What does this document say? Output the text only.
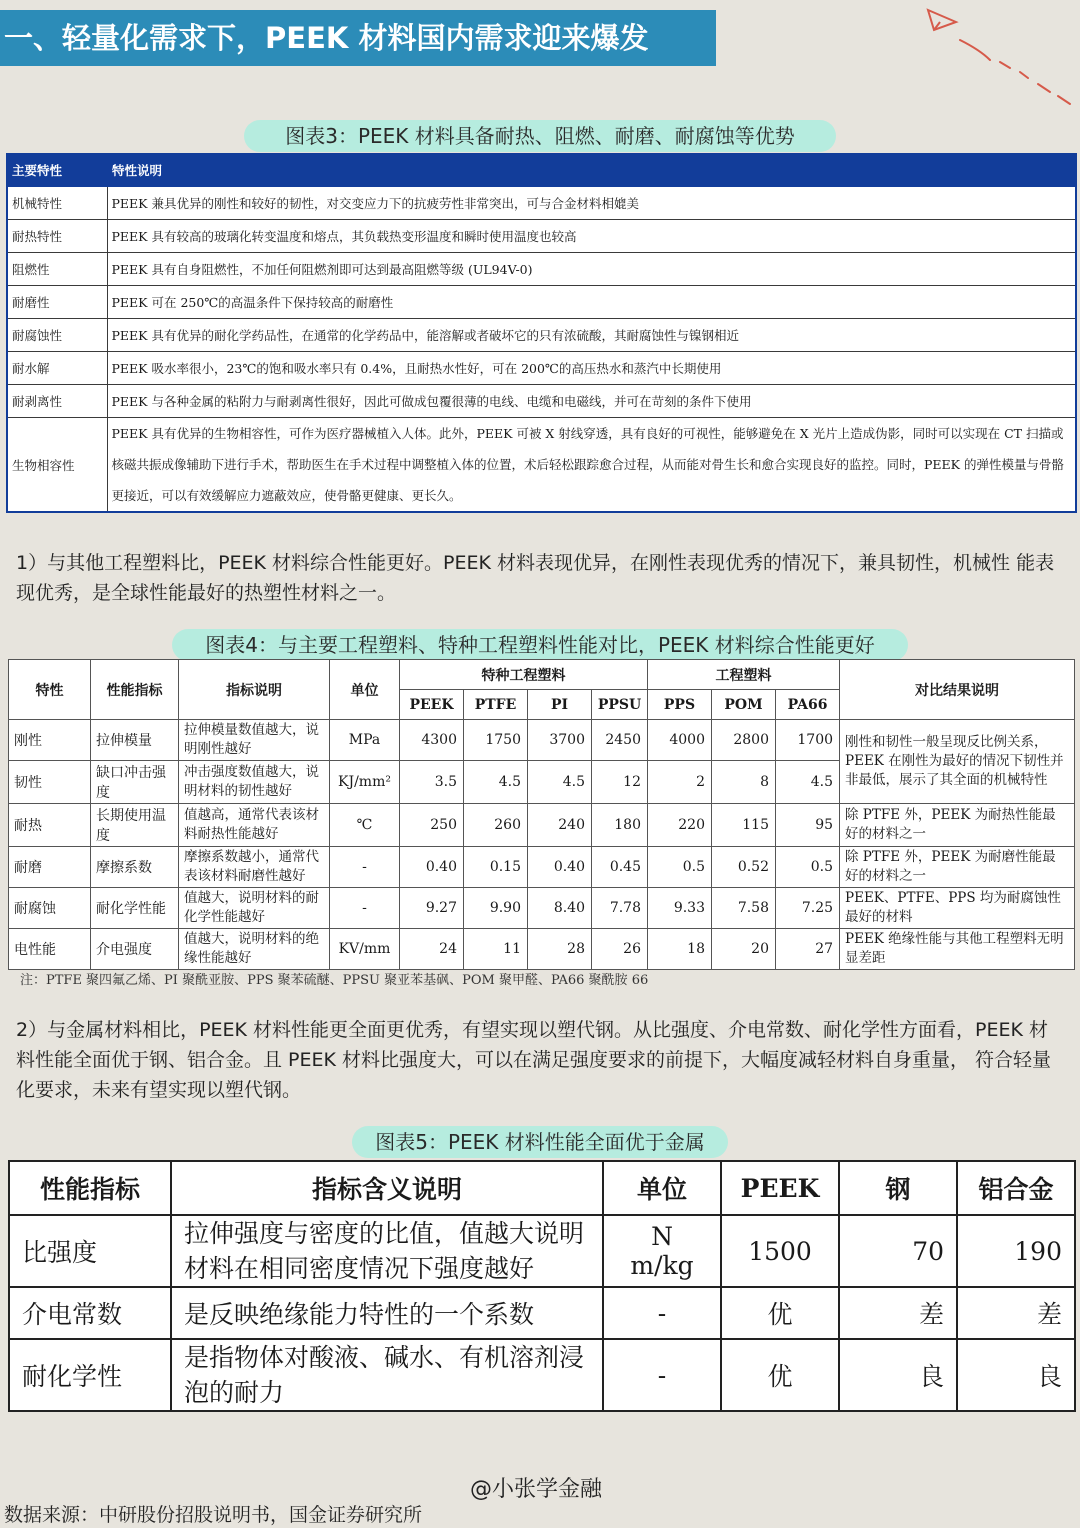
一、轻量化需求下，PEEK 材料国内需求迎来爆发
图表3：PEEK 材料具备耐热、阻燃、耐磨、耐腐蚀等优势
主要特性	特性说明
机械特性	PEEK 兼具优异的刚性和较好的韧性，对交变应力下的抗疲劳性非常突出，可与合金材料相媲美
耐热特性	PEEK 具有较高的玻璃化转变温度和熔点，其负载热变形温度和瞬时使用温度也较高
阻燃性	PEEK 具有自身阻燃性，不加任何阻燃剂即可达到最高阻燃等级 (UL94V-0)
耐磨性	PEEK 可在 250℃的高温条件下保持较高的耐磨性
耐腐蚀性	PEEK 具有优异的耐化学药品性，在通常的化学药品中，能溶解或者破坏它的只有浓硫酸，其耐腐蚀性与镍钢相近
耐水解	PEEK 吸水率很小，23℃的饱和吸水率只有 0.4%，且耐热水性好，可在 200℃的高压热水和蒸汽中长期使用
耐剥离性	PEEK 与各种金属的粘附力与耐剥离性很好，因此可做成包覆很薄的电线、电缆和电磁线，并可在苛刻的条件下使用
生物相容性	PEEK 具有优异的生物相容性，可作为医疗器械植入人体。此外，PEEK 可被 X 射线穿透，具有良好的可视性，能够避免在 X 光片上造成伪影，同时可以实现在 CT 扫描或核磁共振成像辅助下进行手术，帮助医生在手术过程中调整植入体的位置，术后轻松跟踪愈合过程，从而能对骨生长和愈合实现良好的监控。同时，PEEK 的弹性模量与骨骼更接近，可以有效缓解应力遮蔽效应，使骨骼更健康、更长久。
1）与其他工程塑料比，PEEK 材料综合性能更好。PEEK 材料表现优异，在刚性表现优秀的情况下，兼具韧性，机械性 能表现优秀，是全球性能最好的热塑性材料之一。
图表4：与主要工程塑料、特种工程塑料性能对比，PEEK 材料综合性能更好
特性	性能指标	指标说明	单位	特种工程塑料				工程塑料			对比结果说明
				PEEK	PTFE	PI	PPSU	PPS	POM	PA66	
刚性	拉伸模量	拉伸模量数值越大，说明刚性越好	MPa	4300	1750	3700	2450	4000	2800	1700	刚性和韧性一般呈现反比例关系，PEEK 在刚性为最好的情况下韧性并非最低，展示了其全面的机械特性
韧性	缺口冲击强度	冲击强度数值越大，说明材料的韧性越好	KJ/mm²	3.5	4.5	4.5	12	2	8	4.5	
耐热	长期使用温度	值越高，通常代表该材料耐热性能越好	℃	250	260	240	180	220	115	95	除 PTFE 外，PEEK 为耐热性能最好的材料之一
耐磨	摩擦系数	摩擦系数越小，通常代表该材料耐磨性越好	-	0.40	0.15	0.40	0.45	0.5	0.52	0.5	除 PTFE 外，PEEK 为耐磨性能最好的材料之一
耐腐蚀	耐化学性能	值越大，说明材料的耐化学性能越好	-	9.27	9.90	8.40	7.78	9.33	7.58	7.25	PEEK、PTFE、PPS 均为耐腐蚀性最好的材料
电性能	介电强度	值越大，说明材料的绝缘性能越好	KV/mm	24	11	28	26	18	20	27	PEEK 绝缘性能与其他工程塑料无明显差距
注：PTFE 聚四氟乙烯、PI 聚酰亚胺、PPS 聚苯硫醚、PPSU 聚亚苯基砜、POM 聚甲醛、PA66 聚酰胺 66
2）与金属材料相比，PEEK 材料性能更全面更优秀，有望实现以塑代钢。从比强度、介电常数、耐化学性方面看，PEEK 材料性能全面优于钢、铝合金。且 PEEK 材料比强度大，可以在满足强度要求的前提下，大幅度减轻材料自身重量， 符合轻量化要求，未来有望实现以塑代钢。
图表5：PEEK 材料性能全面优于金属
性能指标	指标含义说明	单位	PEEK	钢	铝合金
比强度	拉伸强度与密度的比值，值越大说明材料在相同密度情况下强度越好	N m/kg	1500	70	190
介电常数	是反映绝缘能力特性的一个系数	-	优	差	差
耐化学性	是指物体对酸液、碱水、有机溶剂浸泡的耐力	-	优	良	良
@小张学金融
数据来源：中研股份招股说明书，国金证券研究所
